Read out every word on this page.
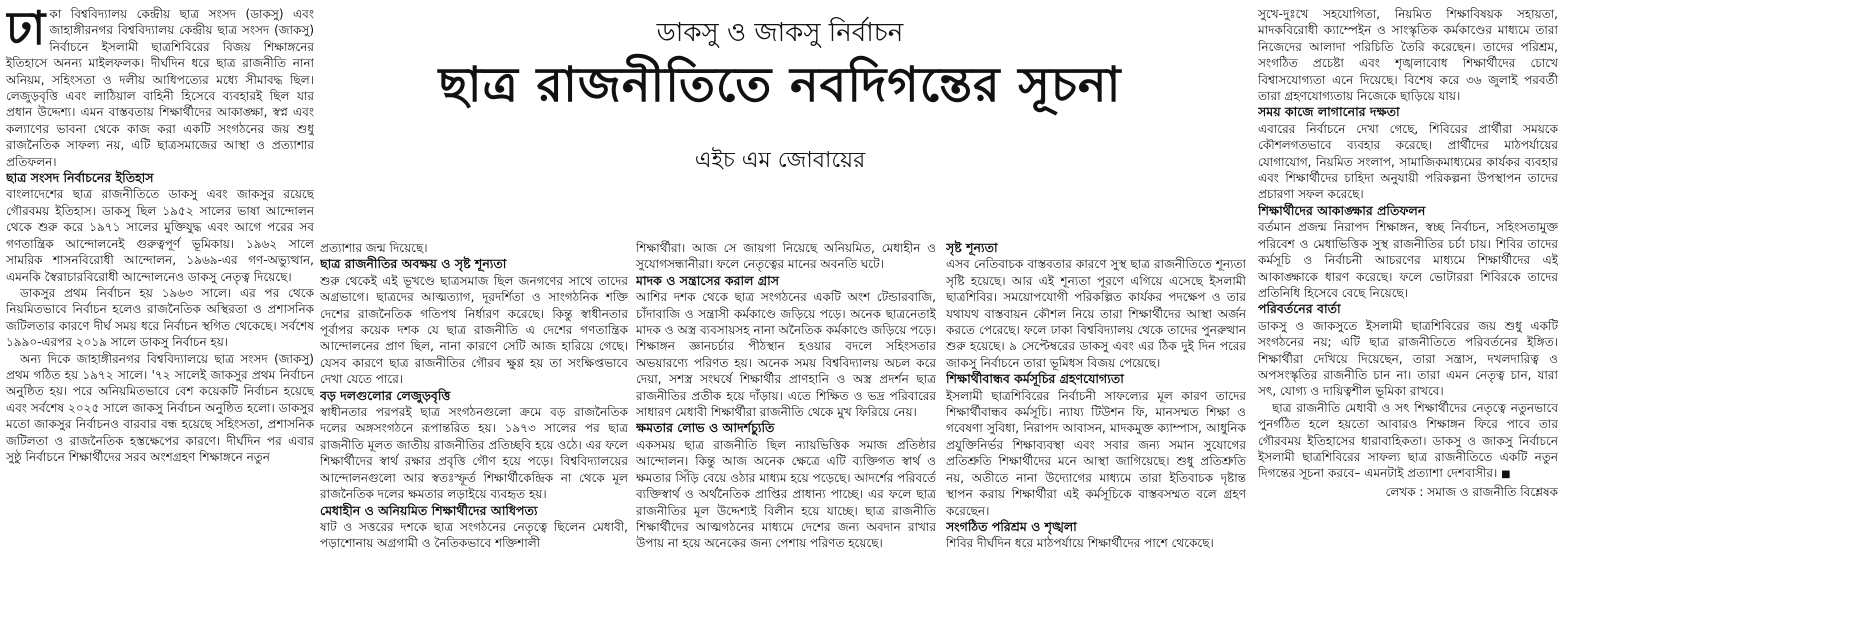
ডাকসু ও জাকসু নির্বাচন
ছাত্র রাজনীতিতে নবদিগন্তের সূচনা
এইচ এম জোবায়ের

ঢাকা বিশ্ববিদ্যালয় কেন্দ্রীয় ছাত্র সংসদ (ডাকসু) এবং জাহাঙ্গীরনগর বিশ্ববিদ্যালয় কেন্দ্রীয় ছাত্র সংসদ (জাকসু) নির্বাচনে ইসলামী ছাত্রশিবিরের বিজয় শিক্ষাঙ্গনের ইতিহাসে অনন্য মাইলফলক। দীর্ঘদিন ধরে ছাত্র রাজনীতি নানা অনিয়ম, সহিংসতা ও দলীয় আধিপত্যের মধ্যে সীমাবদ্ধ ছিল। লেজুড়বৃত্তি এবং লাঠিয়াল বাহিনী হিসেবে ব্যবহারই ছিল যার প্রধান উদ্দেশ্য। এমন বাস্তবতায় শিক্ষার্থীদের আকাঙ্ক্ষা, স্বপ্ন এবং কল্যাণের ভাবনা থেকে কাজ করা একটি সংগঠনের জয় শুধু রাজনৈতিক সাফল্য নয়, এটি ছাত্রসমাজের আস্থা ও প্রত্যাশার প্রতিফলন।

ছাত্র সংসদ নির্বাচনের ইতিহাস

বাংলাদেশের ছাত্র রাজনীতিতে ডাকসু এবং জাকসুর রয়েছে গৌরবময় ইতিহাস। ডাকসু ছিল ১৯৫২ সালের ভাষা আন্দোলন থেকে শুরু করে ১৯৭১ সালের মুক্তিযুদ্ধ এবং আগে পরের সব গণতান্ত্রিক আন্দোলনেই গুরুত্বপূর্ণ ভূমিকায়। ১৯৬২ সালে সামরিক শাসনবিরোধী আন্দোলন, ১৯৬৯-এর গণ-অভ্যুত্থান, এমনকি স্বৈরাচারবিরোধী আন্দোলনেও ডাকসু নেতৃত্ব দিয়েছে।

ডাকসুর প্রথম নির্বাচন হয় ১৯৬৩ সালে। এর পর থেকে নিয়মিতভাবে নির্বাচন হলেও রাজনৈতিক অস্থিরতা ও প্রশাসনিক জটিলতার কারণে দীর্ঘ সময় ধরে নির্বাচন স্থগিত থেকেছে। সর্বশেষ ১৯৯০-এরপর ২০১৯ সালে ডাকসু নির্বাচন হয়।

অন্য দিকে জাহাঙ্গীরনগর বিশ্ববিদ্যালয়ে ছাত্র সংসদ (জাকসু) প্রথম গঠিত হয় ১৯৭২ সালে। '৭২ সালেই জাকসুর প্রথম নির্বাচন অনুষ্ঠিত হয়। পরে অনিয়মিতভাবে বেশ কয়েকটি নির্বাচন হয়েছে এবং সর্বশেষ ২০২৫ সালে জাকসু নির্বাচন অনুষ্ঠিত হলো। ডাকসুর মতো জাকসুর নির্বাচনও বারবার বন্ধ হয়েছে সহিংসতা, প্রশাসনিক জটিলতা ও রাজনৈতিক হস্তক্ষেপের কারণে। দীর্ঘদিন পর এবার সুষ্ঠু নির্বাচনে শিক্ষার্থীদের সরব অংশগ্রহণ শিক্ষাঙ্গনে নতুন

প্রত্যাশার জন্ম দিয়েছে।

ছাত্র রাজনীতির অবক্ষয় ও সৃষ্ট শূন্যতা

শুরু থেকেই এই ভূখণ্ডে ছাত্রসমাজ ছিল জনগণের সাথে তাদের অগ্রভাগে। ছাত্রদের আত্মত্যাগ, দূরদর্শিতা ও সাংগঠনিক শক্তি দেশের রাজনৈতিক গতিপথ নির্ধারণ করেছে। কিন্তু স্বাধীনতার পূর্বাপর কয়েক দশক যে ছাত্র রাজনীতি এ দেশের গণতান্ত্রিক আন্দোলনের প্রাণ ছিল, নানা কারণে সেটি আজ হারিয়ে গেছে। যেসব কারণে ছাত্র রাজনীতির গৌরব ক্ষুণ্ণ হয় তা সংক্ষিপ্তভাবে দেখা যেতে পারে।

বড় দলগুলোর লেজুড়বৃত্তি

স্বাধীনতার পরপরই ছাত্র সংগঠনগুলো ক্রমে বড় রাজনৈতিক দলের অঙ্গসংগঠনে রূপান্তরিত হয়। ১৯৭৩ সালের পর ছাত্র রাজনীতি মূলত জাতীয় রাজনীতির প্রতিচ্ছবি হয়ে ওঠে। এর ফলে শিক্ষার্থীদের স্বার্থ রক্ষার প্রবৃত্তি গৌণ হয়ে পড়ে। বিশ্ববিদ্যালয়ের আন্দোলনগুলো আর স্বতঃস্ফূর্ত শিক্ষার্থীকেন্দ্রিক না থেকে মূল রাজনৈতিক দলের ক্ষমতার লড়াইয়ে ব্যবহৃত হয়।

মেধাহীন ও অনিয়মিত শিক্ষার্থীদের আধিপত্য

ষাট ও সত্তরের দশকে ছাত্র সংগঠনের নেতৃত্বে ছিলেন মেধাবী, পড়াশোনায় অগ্রগামী ও নৈতিকভাবে শক্তিশালী

শিক্ষার্থীরা। আজ সে জায়গা নিয়েছে অনিয়মিত, মেধাহীন ও সুযোগসন্ধানীরা। ফলে নেতৃত্বের মানের অবনতি ঘটে।

মাদক ও সন্ত্রাসের করাল গ্রাস

আশির দশক থেকে ছাত্র সংগঠনের একটি অংশ টেন্ডারবাজি, চাঁদাবাজি ও সন্ত্রাসী কর্মকাণ্ডে জড়িয়ে পড়ে। অনেক ছাত্রনেতাই মাদক ও অস্ত্র ব্যবসায়সহ নানা অনৈতিক কর্মকাণ্ডে জড়িয়ে পড়ে। শিক্ষাঙ্গন জ্ঞানচর্চার পীঠস্থান হওয়ার বদলে সহিংসতার অভয়ারণ্যে পরিণত হয়। অনেক সময় বিশ্ববিদ্যালয় অচল করে দেয়া, সশস্ত্র সংঘর্ষে শিক্ষার্থীর প্রাণহানি ও অস্ত্র প্রদর্শন ছাত্র রাজনীতির প্রতীক হয়ে দাঁড়ায়। এতে শিক্ষিত ও ভদ্র পরিবারের সাধারণ মেধাবী শিক্ষার্থীরা রাজনীতি থেকে মুখ ফিরিয়ে নেয়।

ক্ষমতার লোভ ও আদর্শচ্যুতি

একসময় ছাত্র রাজনীতি ছিল ন্যায়ভিত্তিক সমাজ প্রতিষ্ঠার আন্দোলন। কিন্তু আজ অনেক ক্ষেত্রে এটি ব্যক্তিগত স্বার্থ ও ক্ষমতার সিঁড়ি বেয়ে ওঠার মাধ্যম হয়ে পড়েছে। আদর্শের পরিবর্তে ব্যক্তিস্বার্থ ও অর্থনৈতিক প্রাপ্তির প্রাধান্য পাচ্ছে। এর ফলে ছাত্র রাজনীতির মূল উদ্দেশ্যই বিলীন হয়ে যাচ্ছে। ছাত্র রাজনীতি শিক্ষার্থীদের আত্মগঠনের মাধ্যমে দেশের জন্য অবদান রাখার উপায় না হয়ে অনেকের জন্য পেশায় পরিণত হয়েছে।

সৃষ্ট শূন্যতা

এসব নেতিবাচক বাস্তবতার কারণে সুস্থ ছাত্র রাজনীতিতে শূন্যতা সৃষ্টি হয়েছে। আর এই শূন্যতা পূরণে এগিয়ে এসেছে ইসলামী ছাত্রশিবির। সময়োপযোগী পরিকল্পিত কার্যকর পদক্ষেপ ও তার যথাযথ বাস্তবায়ন কৌশল নিয়ে তারা শিক্ষার্থীদের আস্থা অর্জন করতে পেরেছে। ফলে ঢাকা বিশ্ববিদ্যালয় থেকে তাদের পুনরুত্থান শুরু হয়েছে। ৯ সেপ্টেম্বরের ডাকসু এবং এর ঠিক দুই দিন পরের জাকসু নির্বাচনে তারা ভূমিধস বিজয় পেয়েছে।

শিক্ষার্থীবান্ধব কর্মসূচির গ্রহণযোগ্যতা

ইসলামী ছাত্রশিবিরের নির্বাচনী সাফল্যের মূল কারণ তাদের শিক্ষার্থীবান্ধব কর্মসূচি। ন্যায্য টিউশন ফি, মানসম্মত শিক্ষা ও গবেষণা সুবিধা, নিরাপদ আবাসন, মাদকমুক্ত ক্যাম্পাস, আধুনিক প্রযুক্তিনির্ভর শিক্ষাব্যবস্থা এবং সবার জন্য সমান সুযোগের প্রতিশ্রুতি শিক্ষার্থীদের মনে আস্থা জাগিয়েছে। শুধু প্রতিশ্রুতি নয়, অতীতে নানা উদ্যোগের মাধ্যমে তারা ইতিবাচক দৃষ্টান্ত স্থাপন করায় শিক্ষার্থীরা এই কর্মসূচিকে বাস্তবসম্মত বলে গ্রহণ করেছেন।

সংগঠিত পরিশ্রম ও শৃঙ্খলা

শিবির দীর্ঘদিন ধরে মাঠপর্যায়ে শিক্ষার্থীদের পাশে থেকেছে।

সুখে-দুঃখে সহযোগিতা, নিয়মিত শিক্ষাবিষয়ক সহায়তা, মাদকবিরোধী ক্যাম্পেইন ও সাংস্কৃতিক কর্মকাণ্ডের মাধ্যমে তারা নিজেদের আলাদা পরিচিতি তৈরি করেছেন। তাদের পরিশ্রম, সংগঠিত প্রচেষ্টা এবং শৃঙ্খলাবোধ শিক্ষার্থীদের চোখে বিশ্বাসযোগ্যতা এনে দিয়েছে। বিশেষ করে ৩৬ জুলাই পরবর্তী তারা গ্রহণযোগ্যতায় নিজেকে ছাড়িয়ে যায়।

সময় কাজে লাগানোর দক্ষতা

এবারের নির্বাচনে দেখা গেছে, শিবিরের প্রার্থীরা সময়কে কৌশলগতভাবে ব্যবহার করেছে। প্রার্থীদের মাঠপর্যায়ের যোগাযোগ, নিয়মিত সংলাপ, সামাজিকমাধ্যমের কার্যকর ব্যবহার এবং শিক্ষার্থীদের চাহিদা অনুযায়ী পরিকল্পনা উপস্থাপন তাদের প্রচারণা সফল করেছে।

শিক্ষার্থীদের আকাঙ্ক্ষার প্রতিফলন

বর্তমান প্রজন্ম নিরাপদ শিক্ষাঙ্গন, স্বচ্ছ নির্বাচন, সহিংসতামুক্ত পরিবেশ ও মেধাভিত্তিক সুস্থ রাজনীতির চর্চা চায়। শিবির তাদের কর্মসূচি ও নির্বাচনী আচরণের মাধ্যমে শিক্ষার্থীদের এই আকাঙ্ক্ষাকে ধারণ করেছে। ফলে ভোটাররা শিবিরকে তাদের প্রতিনিধি হিসেবে বেছে নিয়েছে।

পরিবর্তনের বার্তা

ডাকসু ও জাকসুতে ইসলামী ছাত্রশিবিরের জয় শুধু একটি সংগঠনের নয়; এটি ছাত্র রাজনীতিতে পরিবর্তনের ইঙ্গিত। শিক্ষার্থীরা দেখিয়ে দিয়েছেন, তারা সন্ত্রাস, দখলদারিত্ব ও অপসংস্কৃতির রাজনীতি চান না। তারা এমন নেতৃত্ব চান, যারা সৎ, যোগ্য ও দায়িত্বশীল ভূমিকা রাখবে।

ছাত্র রাজনীতি মেধাবী ও সৎ শিক্ষার্থীদের নেতৃত্বে নতুনভাবে পুনর্গঠিত হলে হয়তো আবারও শিক্ষাঙ্গন ফিরে পাবে তার গৌরবময় ইতিহাসের ধারাবাহিকতা। ডাকসু ও জাকসু নির্বাচনে ইসলামী ছাত্রশিবিরের সাফল্য ছাত্র রাজনীতিতে একটি নতুন দিগন্তের সূচনা করবে– এমনটাই প্রত্যাশা দেশবাসীর। ■

লেখক : সমাজ ও রাজনীতি বিশ্লেষক
